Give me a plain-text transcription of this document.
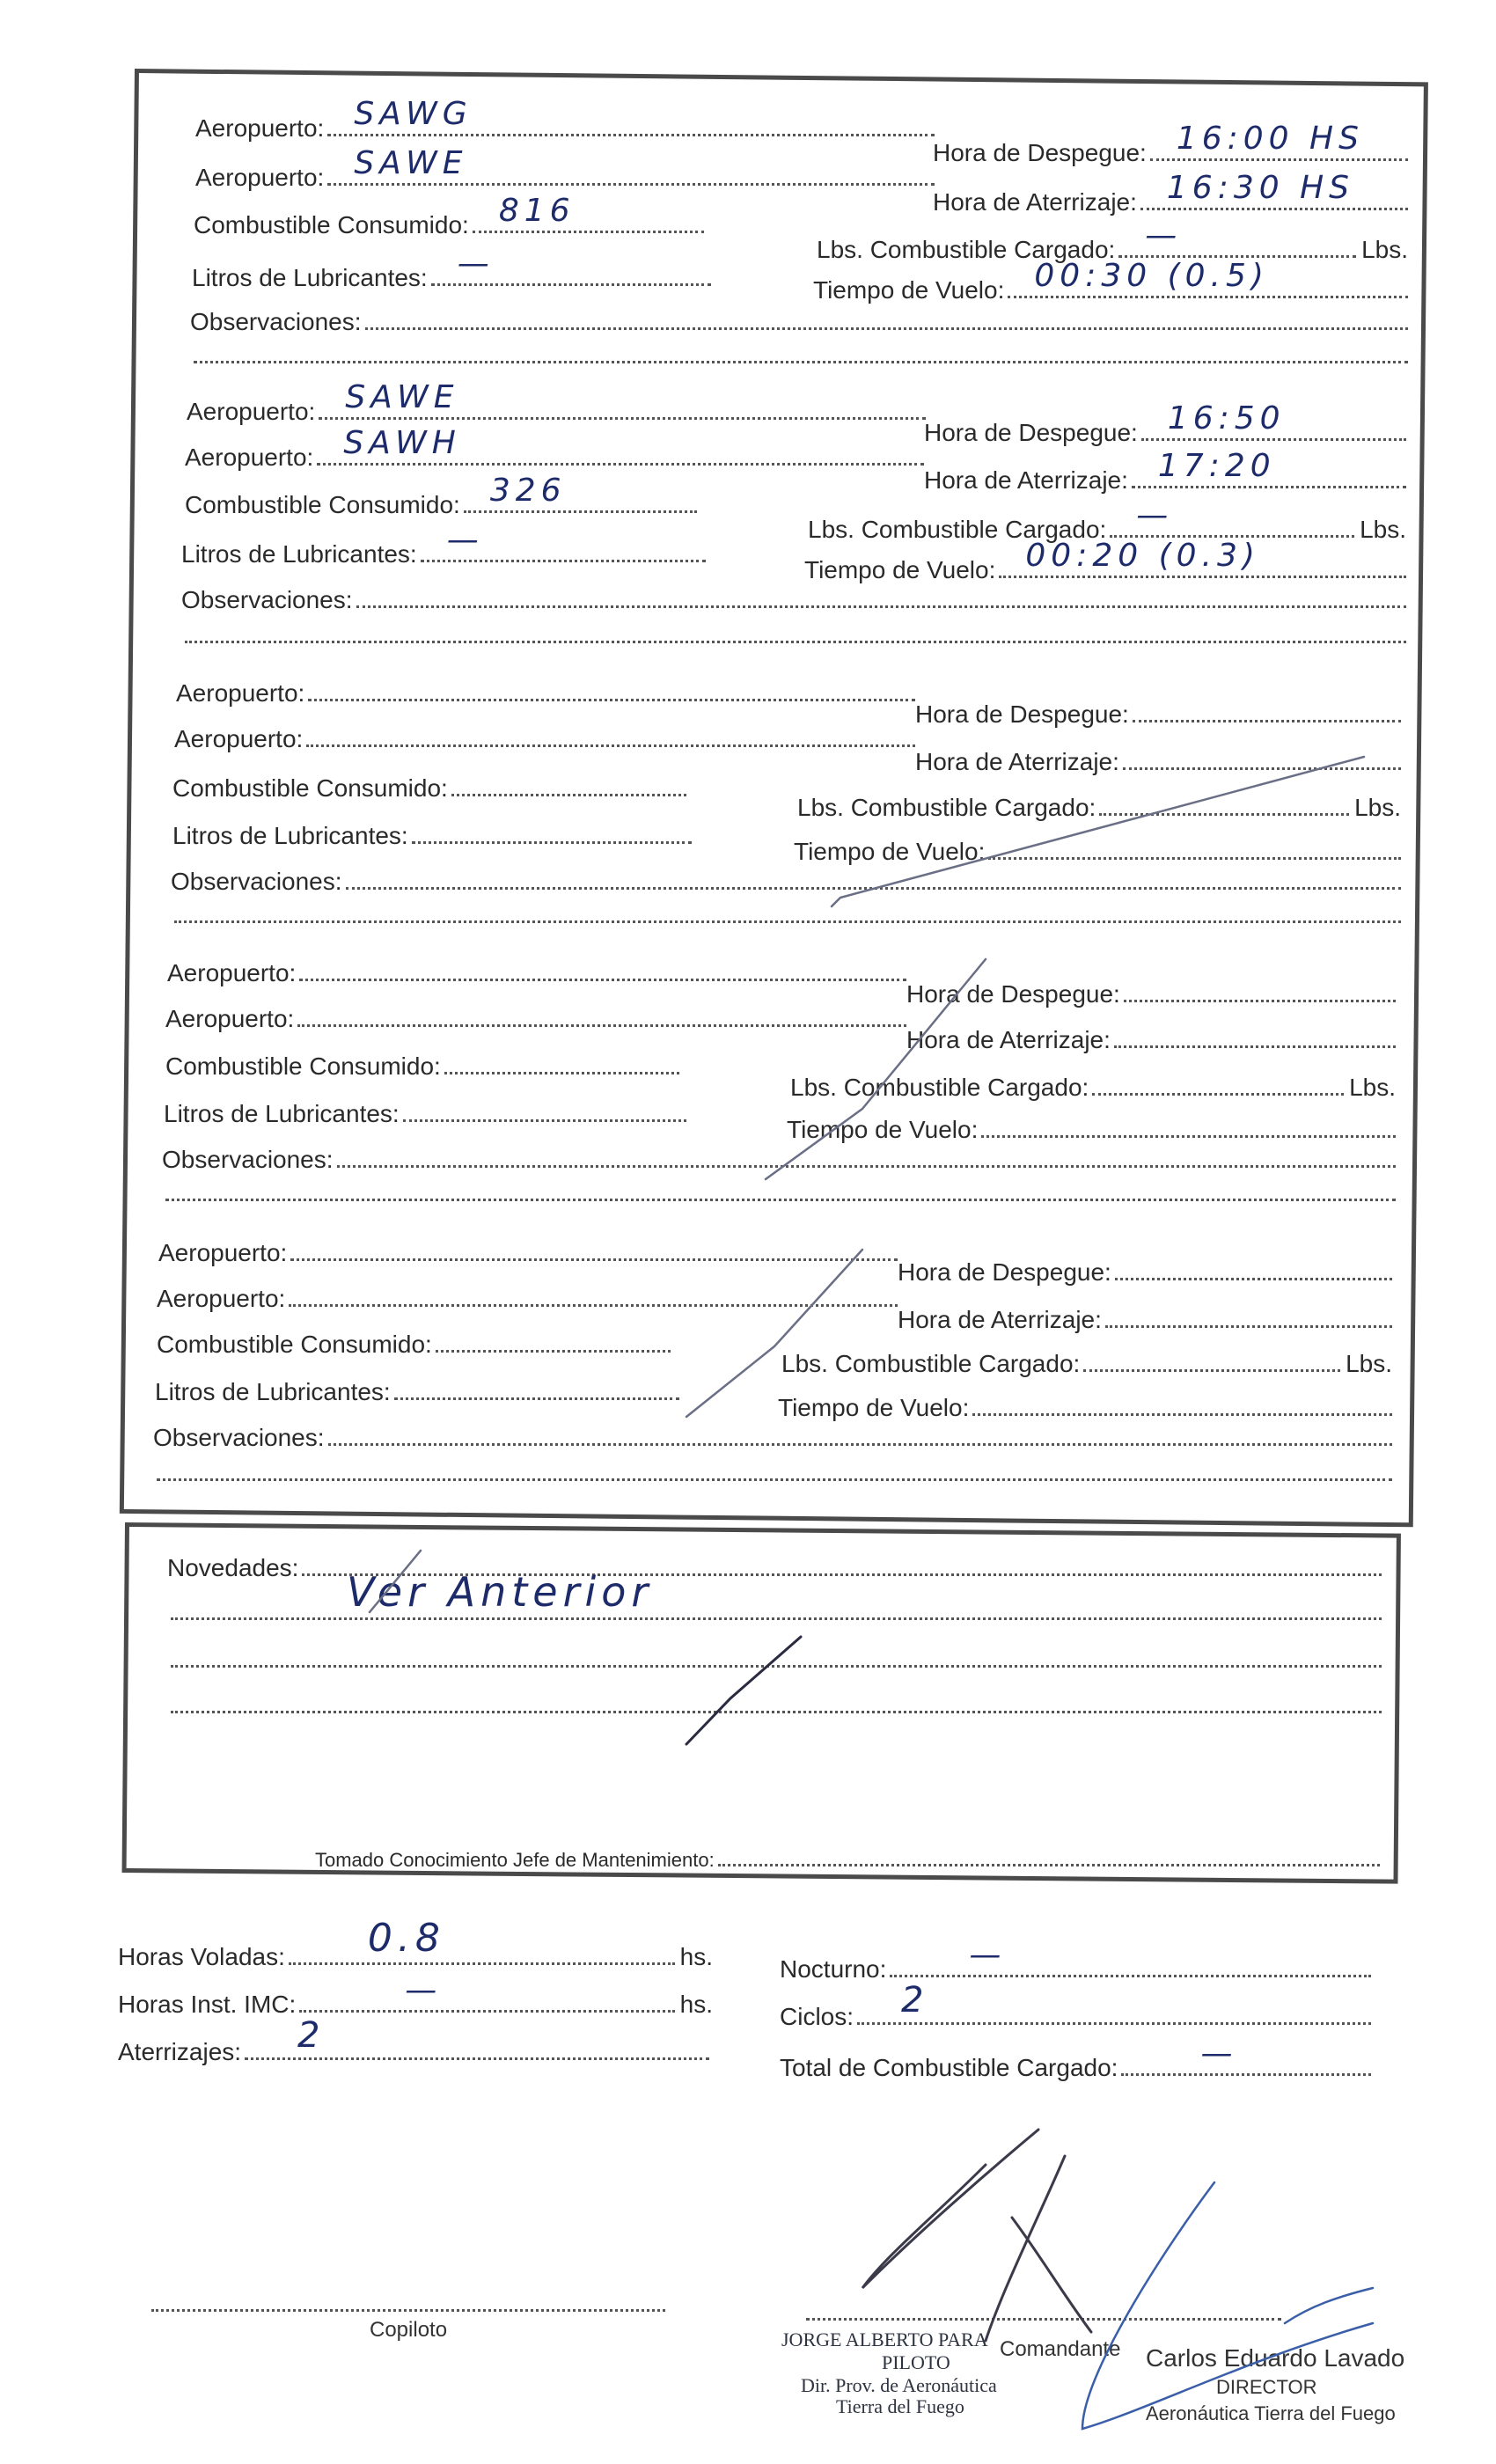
Aeropuerto: SAWG
Hora de Despegue: 16:00 HS
Aeropuerto: SAWE
Hora de Aterrizaje: 16:30 HS
Combustible Consumido: 816
Lbs. Combustible Cargado: —	Lbs.
Litros de Lubricantes: —
Tiempo de Vuelo: 00:30 (0.5)
Observaciones:
Aeropuerto: SAWE
Hora de Despegue: 16:50
Aeropuerto: SAWH
Hora de Aterrizaje: 17:20
Combustible Consumido: 326
Lbs. Combustible Cargado: —	Lbs.
Litros de Lubricantes: —
Tiempo de Vuelo: 00:20 (0.3)
Observaciones:
Aeropuerto:
Hora de Despegue:
Aeropuerto:
Hora de Aterrizaje:
Combustible Consumido:
Lbs. Combustible Cargado:	Lbs.
Litros de Lubricantes:
Tiempo de Vuelo:
Observaciones:
Aeropuerto:
Hora de Despegue:
Aeropuerto:
Hora de Aterrizaje:
Combustible Consumido:
Lbs. Combustible Cargado:	Lbs.
Litros de Lubricantes:
Tiempo de Vuelo:
Observaciones:
Aeropuerto:
Hora de Despegue:
Aeropuerto:
Hora de Aterrizaje:
Combustible Consumido:
Lbs. Combustible Cargado:	Lbs.
Litros de Lubricantes:
Tiempo de Vuelo:
Observaciones:
Novedades:
Ver Anterior
Tomado Conocimiento Jefe de Mantenimiento:
Horas Voladas: 0.8	hs.
Horas Inst. IMC:	—	hs.
Aterrizajes: 2
Nocturno:	—
Ciclos: 2
Total de Combustible Cargado:	—
Copiloto
Comandante
JORGE ALBERTO PARA
PILOTO
Dir. Prov. de Aeronáutica
Tierra del Fuego
Carlos Eduardo Lavado
DIRECTOR
Aeronáutica Tierra del Fuego
